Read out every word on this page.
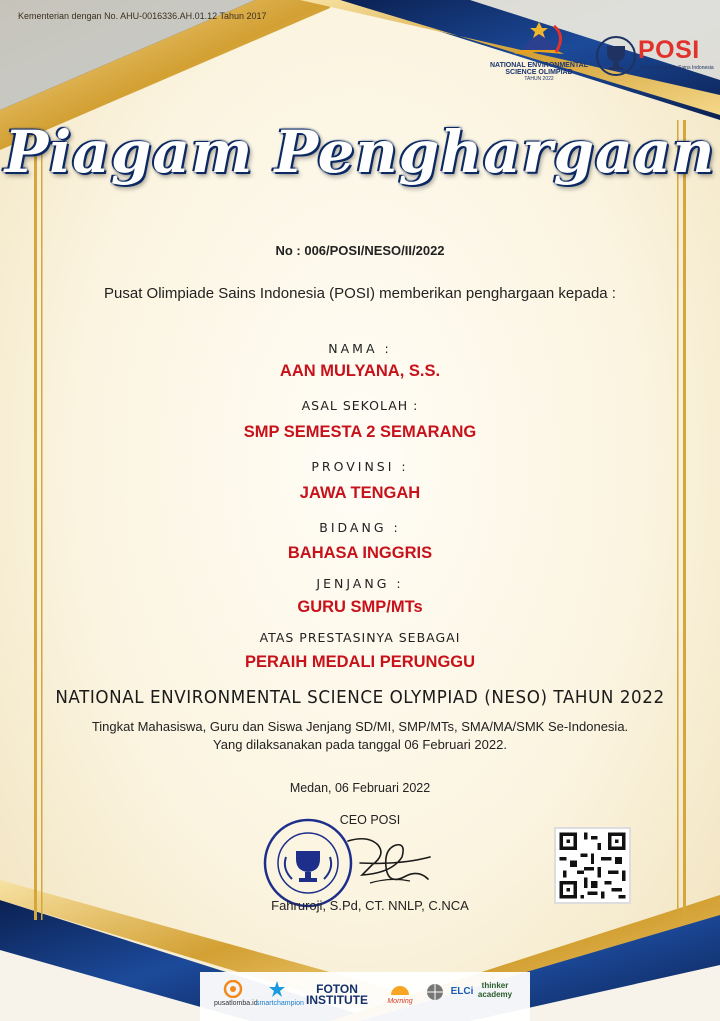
Kementerian dengan No. AHU-0016336.AH.01.12 Tahun 2017
NATIONAL ENVIRONMENTAL
SCIENCE OLIMPIAD
TAHUN 2022
POSI
Pusat Olimpiade Sains Indonesia
Piagam Penghargaan
No : 006/POSI/NESO/II/2022
Pusat Olimpiade Sains Indonesia (POSI) memberikan penghargaan kepada :
NAMA :
AAN MULYANA, S.S.
ASAL SEKOLAH :
SMP SEMESTA 2 SEMARANG
PROVINSI :
JAWA TENGAH
BIDANG :
BAHASA INGGRIS
JENJANG :
GURU SMP/MTs
ATAS PRESTASINYA SEBAGAI
PERAIH MEDALI PERUNGGU
NATIONAL ENVIRONMENTAL SCIENCE OLYMPIAD (NESO) TAHUN 2022
Tingkat Mahasiswa, Guru dan Siswa Jenjang SD/MI, SMP/MTs, SMA/MA/SMK Se-Indonesia.
Yang dilaksanakan pada tanggal 06 Februari 2022.
Medan, 06 Februari 2022
CEO POSI
Fahruroji, S.Pd, CT. NNLP, C.NCA
pusatlomba.id
smartchampion
FOTON INSTITUTE	Morning
ELCi
thinker academy
